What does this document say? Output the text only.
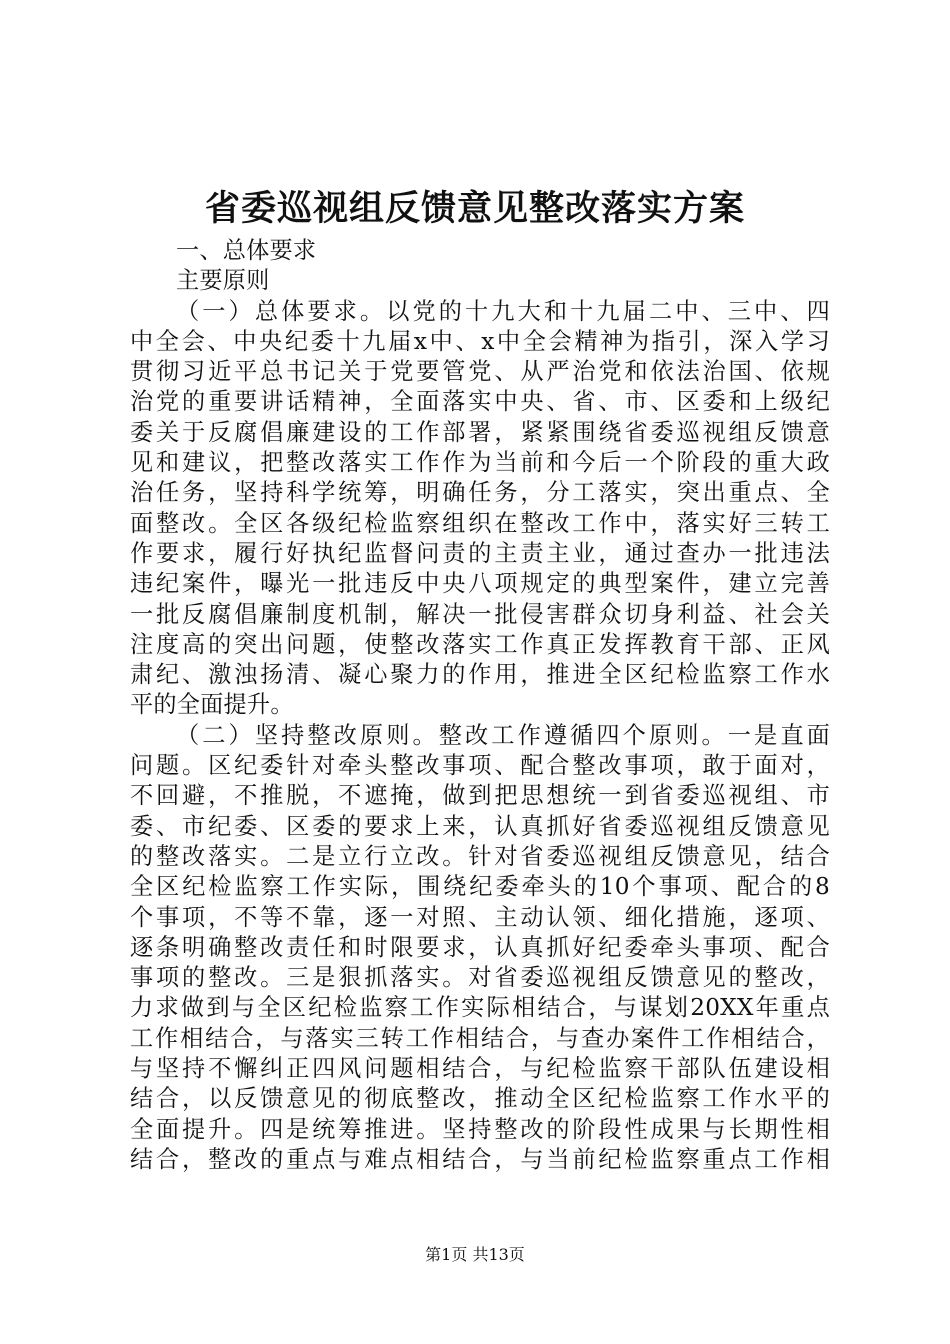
省委巡视组反馈意见整改落实方案
一、总体要求
主要原则
（一）总体要求。以党的十九大和十九届二中、三中、四
中全会、中央纪委十九届x中、x中全会精神为指引，深入学习
贯彻习近平总书记关于党要管党、从严治党和依法治国、依规
治党的重要讲话精神，全面落实中央、省、市、区委和上级纪
委关于反腐倡廉建设的工作部署，紧紧围绕省委巡视组反馈意
见和建议，把整改落实工作作为当前和今后一个阶段的重大政
治任务，坚持科学统筹，明确任务，分工落实，突出重点、全
面整改。全区各级纪检监察组织在整改工作中，落实好三转工
作要求，履行好执纪监督问责的主责主业，通过查办一批违法
违纪案件，曝光一批违反中央八项规定的典型案件，建立完善
一批反腐倡廉制度机制，解决一批侵害群众切身利益、社会关
注度高的突出问题，使整改落实工作真正发挥教育干部、正风
肃纪、激浊扬清、凝心聚力的作用，推进全区纪检监察工作水
平的全面提升。
（二）坚持整改原则。整改工作遵循四个原则。一是直面
问题。区纪委针对牵头整改事项、配合整改事项，敢于面对，
不回避，不推脱，不遮掩，做到把思想统一到省委巡视组、市
委、市纪委、区委的要求上来，认真抓好省委巡视组反馈意见
的整改落实。二是立行立改。针对省委巡视组反馈意见，结合
全区纪检监察工作实际，围绕纪委牵头的10个事项、配合的8
个事项，不等不靠，逐一对照、主动认领、细化措施，逐项、
逐条明确整改责任和时限要求，认真抓好纪委牵头事项、配合
事项的整改。三是狠抓落实。对省委巡视组反馈意见的整改，
力求做到与全区纪检监察工作实际相结合，与谋划20XX年重点
工作相结合，与落实三转工作相结合，与查办案件工作相结合，
与坚持不懈纠正四风问题相结合，与纪检监察干部队伍建设相
结合，以反馈意见的彻底整改，推动全区纪检监察工作水平的
全面提升。四是统筹推进。坚持整改的阶段性成果与长期性相
结合，整改的重点与难点相结合，与当前纪检监察重点工作相
第1页 共13页
